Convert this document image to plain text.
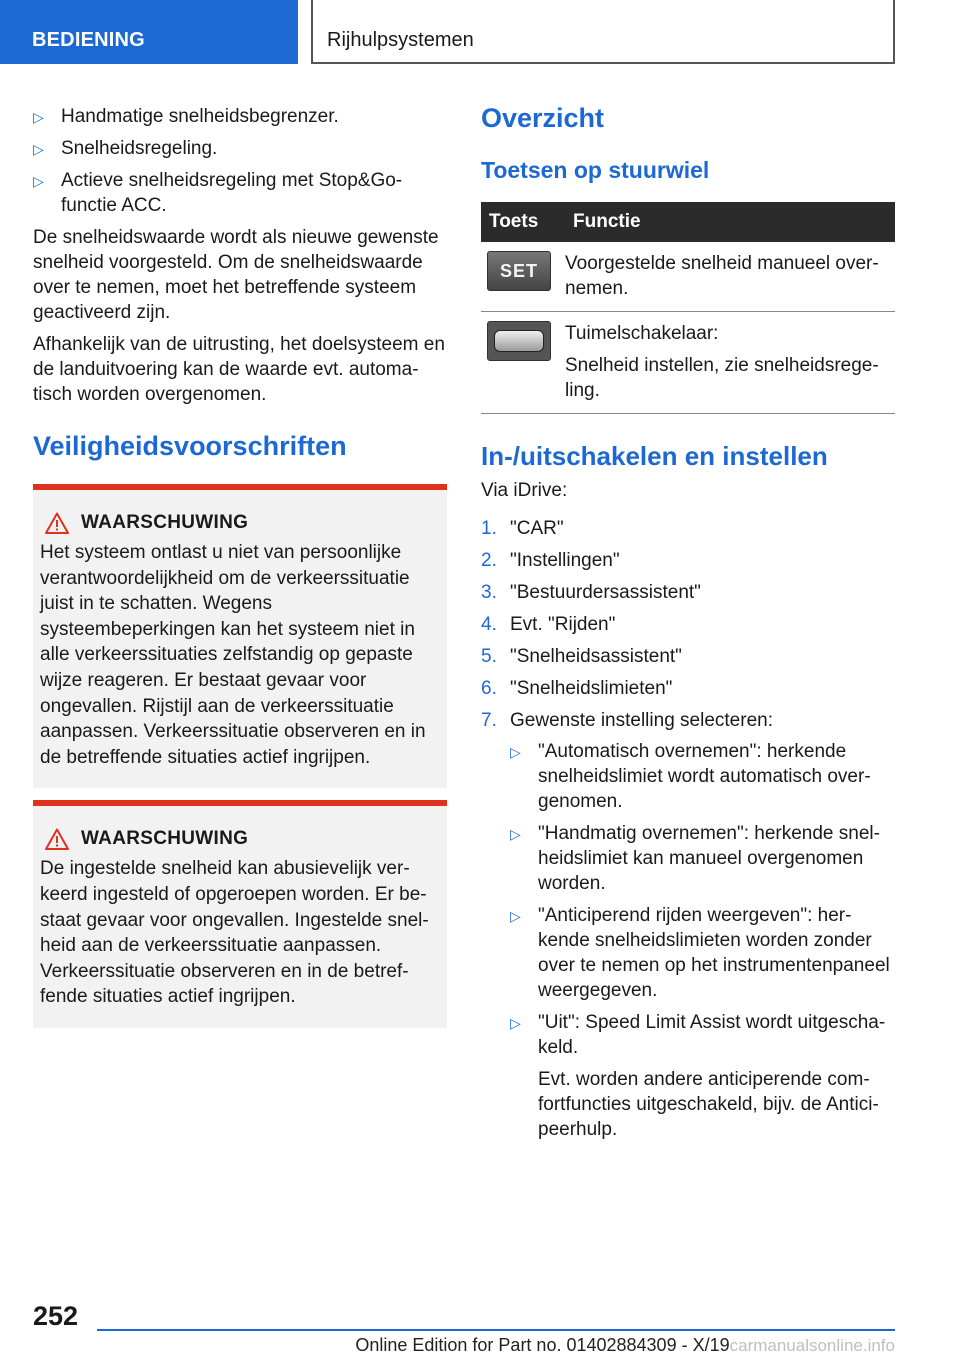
BEDIENING	Rijhulpsystemen
▷ Handmatige snelheidsbegrenzer.
▷ Snelheidsregeling.
▷ Actieve snelheidsregeling met Stop&Go-functie ACC.

De snelheidswaarde wordt als nieuwe gewenste snelheid voorgesteld. Om de snelheidswaarde over te nemen, moet het betreffende systeem geactiveerd zijn.

Afhankelijk van de uitrusting, het doelsysteem en de landuitvoering kan de waarde evt. automatisch worden overgenomen.

Veiligheidsvoorschriften
WAARSCHUWING

Het systeem ontlast u niet van persoonlijke verantwoordelijkheid om de verkeerssituatie juist in te schatten. Wegens systeembeperkingen kan het systeem niet in alle verkeerssituaties zelfstandig op gepaste wijze reageren. Er bestaat gevaar voor ongevallen. Rijstijl aan de verkeerssituatie aanpassen. Verkeerssituatie observeren en in de betreffende situaties actief ingrijpen.

WAARSCHUWING

De ingestelde snelheid kan abusievelijk verkeerd ingesteld of opgeroepen worden. Er bestaat gevaar voor ongevallen. Ingestelde snelheid aan de verkeerssituatie aanpassen. Verkeerssituatie observeren en in de betreffende situaties actief ingrijpen.

Overzicht
Toetsen op stuurwiel
Toets	Functie

SET	Voorgestelde snelheid manueel overnemen.

	Tuimelschakelaar:
Snelheid instellen, zie snelheidsregeling.
In-/uitschakelen en instellen

Via iDrive:

1. "CAR"
2. "Instellingen"
3. "Bestuurdersassistent"
4. Evt. "Rijden"
5. "Snelheidsassistent"
6. "Snelheidslimieten"
7. Gewenste instelling selecteren:
▷ "Automatisch overnemen": herkende snelheidslimiet wordt automatisch overgenomen.

▷ "Handmatig overnemen": herkende snelheidslimiet kan manueel overgenomen worden.

▷ "Anticiperend rijden weergeven": herkende snelheidslimieten worden zonder over te nemen op het instrumentenpaneel weergegeven.

▷ "Uit": Speed Limit Assist wordt uitgeschakeld.

Evt. worden andere anticiperende comfortfuncties uitgeschakeld, bijv. de Anticipeerhulp.

252
Online Edition for Part no. 01402884309 - X/19carmanualsonline.info
